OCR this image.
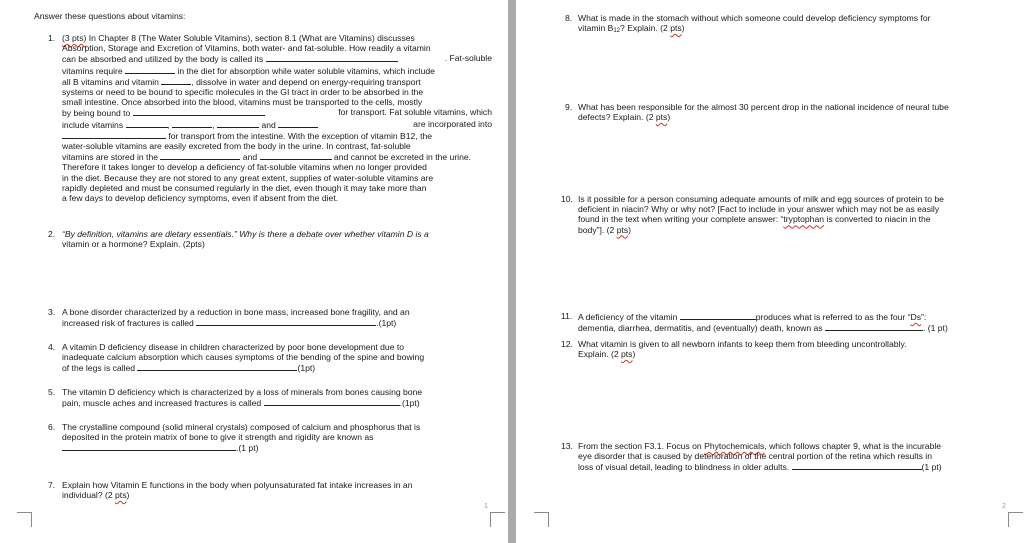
Answer these questions about vitamins:
1. (3 pts) In Chapter 8 (The Water Soluble Vitamins), section 8.1 (What are Vitamins) discusses
Absorption, Storage and Excretion of Vitamins, both water- and fat-soluble. How readily a vitamin
can be absorbed and utilized by the body is called its	. Fat-soluble
vitamins require	in the diet for absorption while water soluble vitamins, which include
all B vitamins and vitamin	, dissolve in water and depend on energy-requiring transport
systems or need to be bound to specific molecules in the GI tract in order to be absorbed in the
small intestine. Once absorbed into the blood, vitamins must be transported to the cells, mostly
by being bound to	for transport. Fat soluble vitamins, which
include vitamins	,	,	and	are incorporated into
for transport from the intestine. With the exception of vitamin B12, the
water-soluble vitamins are easily excreted from the body in the urine. In contrast, fat-soluble
vitamins are stored in the	and	and cannot be excreted in the urine.
Therefore it takes longer to develop a deficiency of fat-soluble vitamins when no longer provided
in the diet. Because they are not stored to any great extent, supplies of water-soluble vitamins are
rapidly depleted and must be consumed regularly in the diet, even though it may take more than
a few days to develop deficiency symptoms, even if absent from the diet.
2. “By definition, vitamins are dietary essentials.” Why is there a debate over whether vitamin D is a
vitamin or a hormone? Explain. (2pts)
3. A bone disorder characterized by a reduction in bone mass, increased bone fragility, and an
increased risk of fractures is called	.(1pt)
4. A vitamin D deficiency disease in children characterized by poor bone development due to
inadequate calcium absorption which causes symptoms of the bending of the spine and bowing
of the legs is called	(1pt)
5. The vitamin D deficiency which is characterized by a loss of minerals from bones causing bone
pain, muscle aches and increased fractures is called	.(1pt)
6. The crystalline compound (solid mineral crystals) composed of calcium and phosphorus that is
deposited in the protein matrix of bone to give it strength and rigidity are known as
.(1 pt)
7. Explain how Vitamin E functions in the body when polyunsaturated fat intake increases in an
individual? (2 pts)
1
8. What is made in the stomach without which someone could develop deficiency symptoms for
vitamin $B_{12}$? Explain. (2 pts)
9. What has been responsible for the almost 30 percent drop in the national incidence of neural tube
defects? Explain. (2 pts)
10. Is it possible for a person consuming adequate amounts of milk and egg sources of protein to be
deficient in niacin? Why or why not? [Fact to include in your answer which may not be as easily
found in the text when writing your complete answer: “tryptophan is converted to niacin in the
body”]. (2 pts)
11. A deficiency of the vitamin	produces what is referred to as the four “Ds”:
dementia, diarrhea, dermatitis, and (eventually) death, known as	. (1 pt)
12. What vitamin is given to all newborn infants to keep them from bleeding uncontrollably.
Explain. (2 pts)
13. From the section F3.1. Focus on Phytochemicals, which follows chapter 9, what is the incurable
eye disorder that is caused by deterioration of the central portion of the retina which results in
loss of visual detail, leading to blindness in older adults.	(1 pt)
2
